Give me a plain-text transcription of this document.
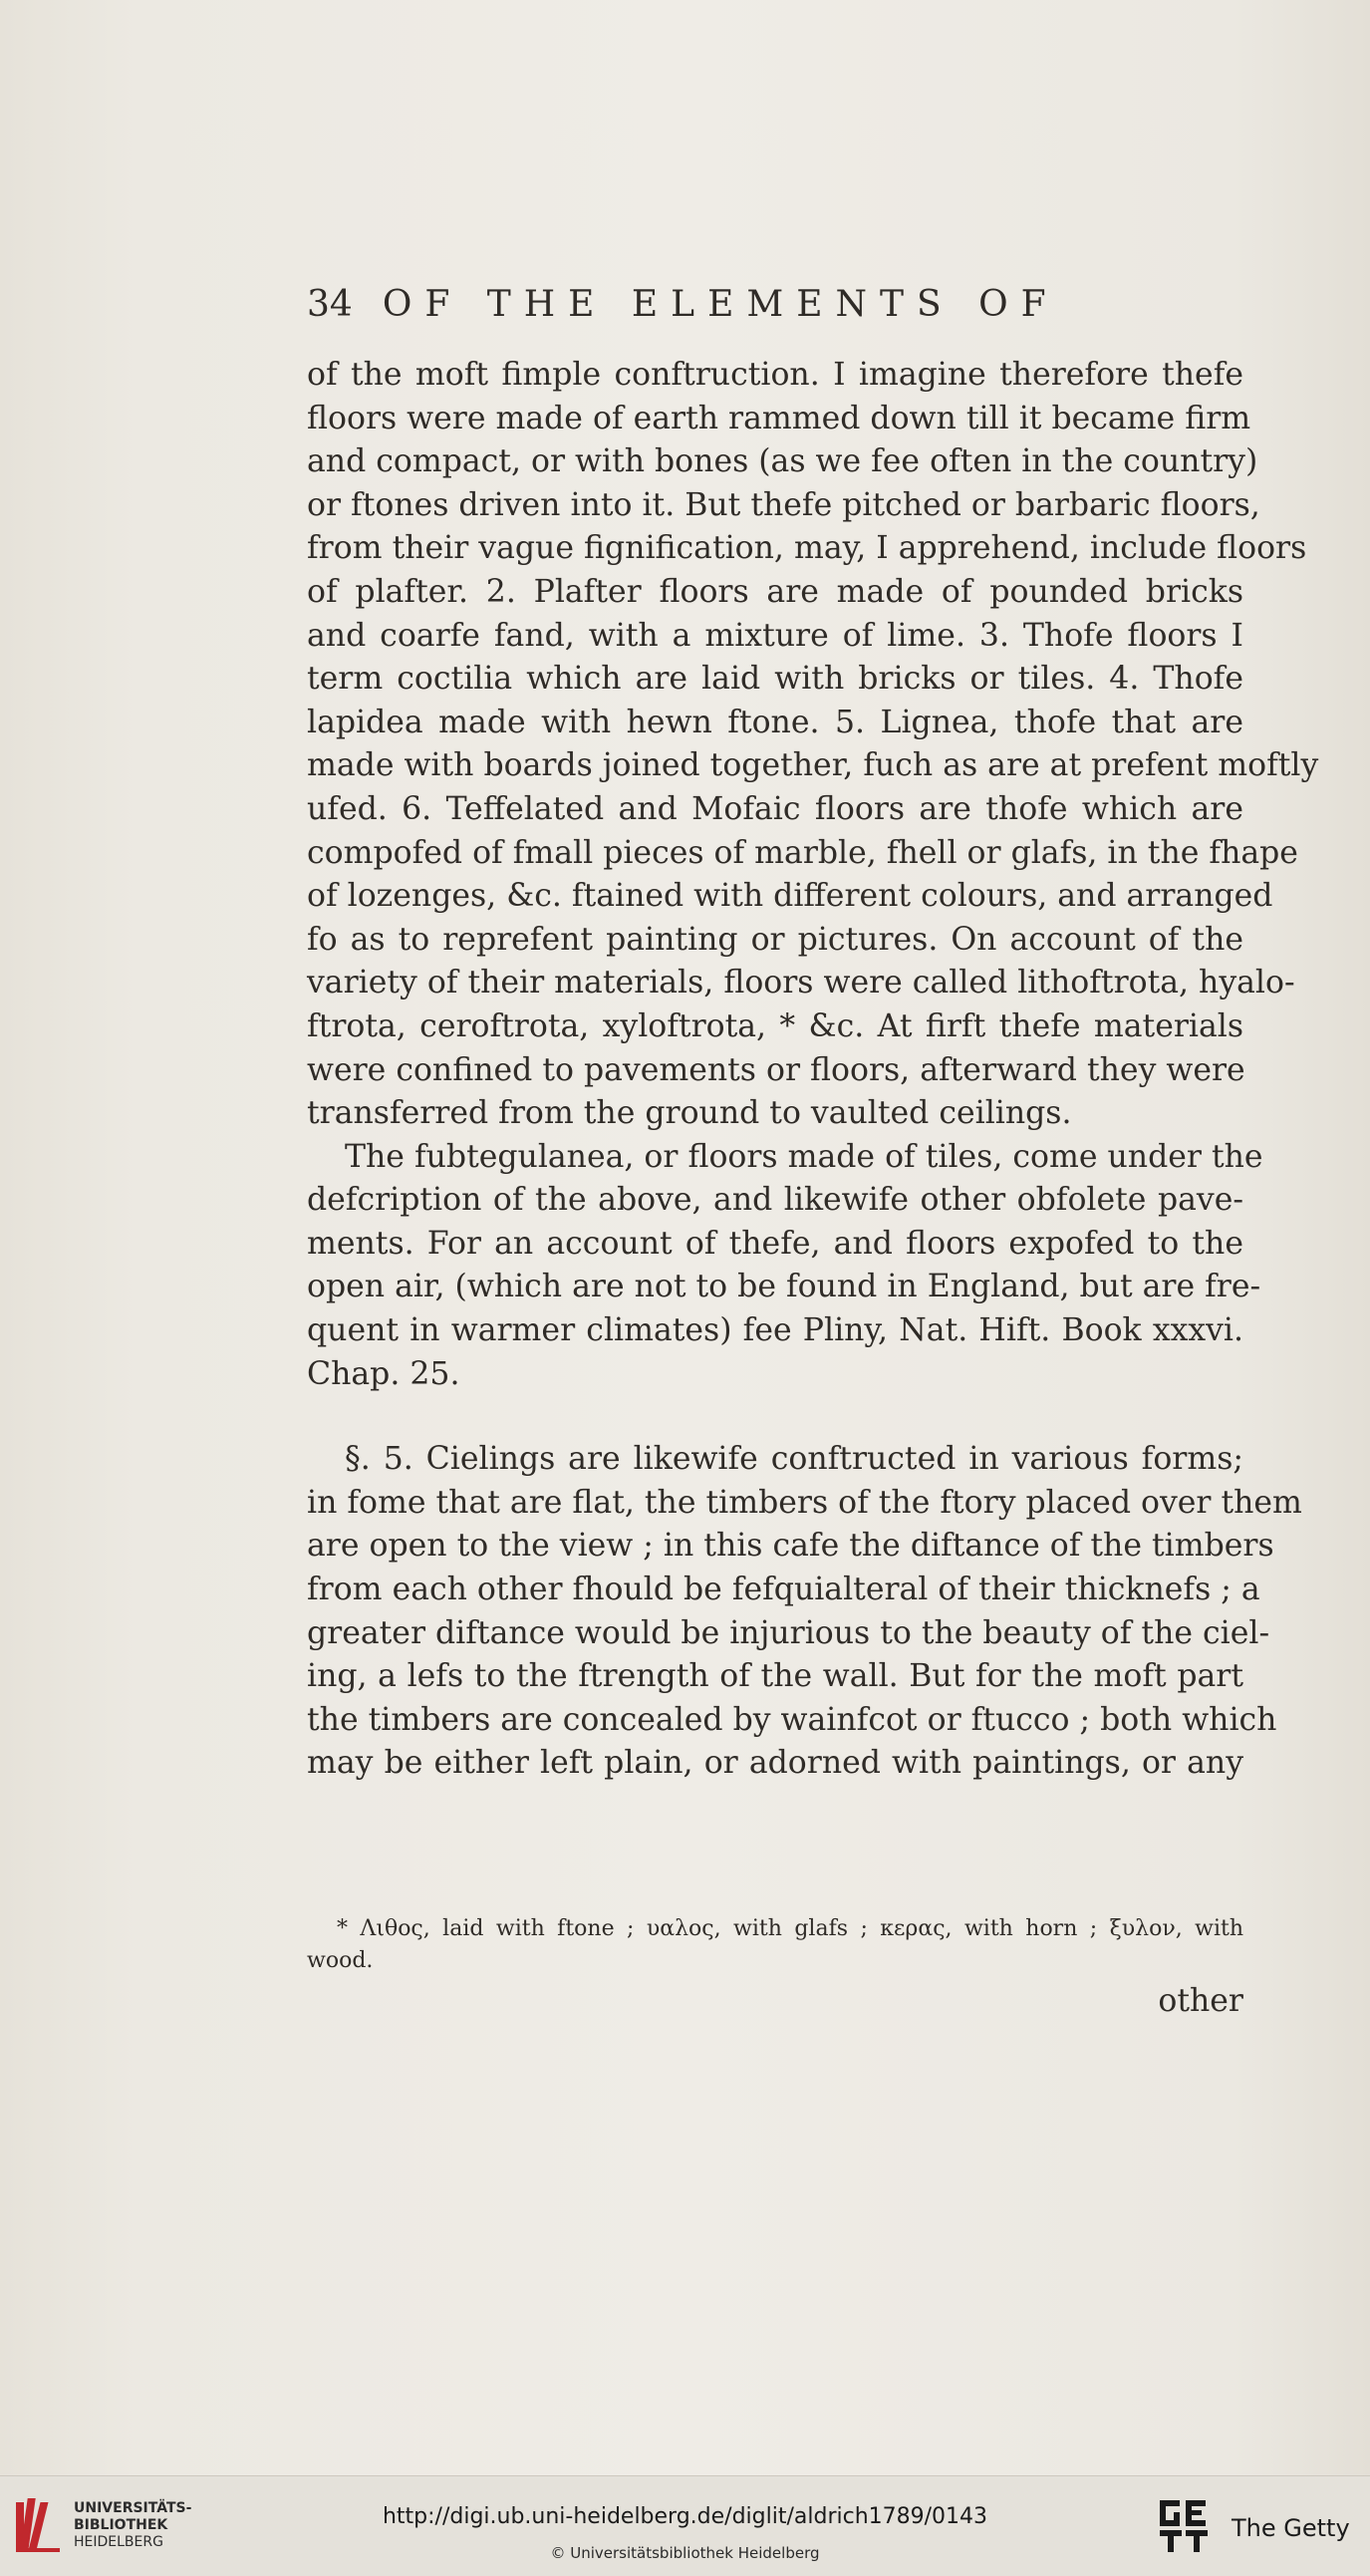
34 OF THE ELEMENTS OF
of the moft fimple conftruction. I imagine therefore thefe
floors were made of earth rammed down till it became firm
and compact, or with bones (as we fee often in the country)
or ftones driven into it. But thefe pitched or barbaric floors,
from their vague fignification, may, I apprehend, include floors
of plafter. 2. Plafter floors are made of pounded bricks
and coarfe fand, with a mixture of lime. 3. Thofe floors I
term coctilia which are laid with bricks or tiles. 4. Thofe
lapidea made with hewn ftone. 5. Lignea, thofe that are
made with boards joined together, fuch as are at prefent moftly
ufed. 6. Teffelated and Mofaic floors are thofe which are
compofed of fmall pieces of marble, fhell or glafs, in the fhape
of lozenges, &c. ftained with different colours, and arranged
fo as to reprefent painting or pictures. On account of the
variety of their materials, floors were called lithoftrota, hyalo-
ftrota, ceroftrota, xyloftrota, * &c. At firft thefe materials
were confined to pavements or floors, afterward they were
transferred from the ground to vaulted ceilings.
The fubtegulanea, or floors made of tiles, come under the
defcription of the above, and likewife other obfolete pave-
ments. For an account of thefe, and floors expofed to the
open air, (which are not to be found in England, but are fre-
quent in warmer climates) fee Pliny, Nat. Hift. Book xxxvi.
Chap. 25.
§. 5. Cielings are likewife conftructed in various forms;
in fome that are flat, the timbers of the ftory placed over them
are open to the view ; in this cafe the diftance of the timbers
from each other fhould be fefquialteral of their thicknefs ; a
greater diftance would be injurious to the beauty of the ciel-
ing, a lefs to the ftrength of the wall. But for the moft part
the timbers are concealed by wainfcot or ftucco ; both which
may be either left plain, or adorned with paintings, or any
* Λιθος, laid with ftone ; υαλος, with glafs ; κερας, with horn ; ξυλον, with
wood.
other
UNIVERSITÄTS-
BIBLIOTHEK
HEIDELBERG
http://digi.ub.uni-heidelberg.de/diglit/aldrich1789/0143
© Universitätsbibliothek Heidelberg
The Getty
